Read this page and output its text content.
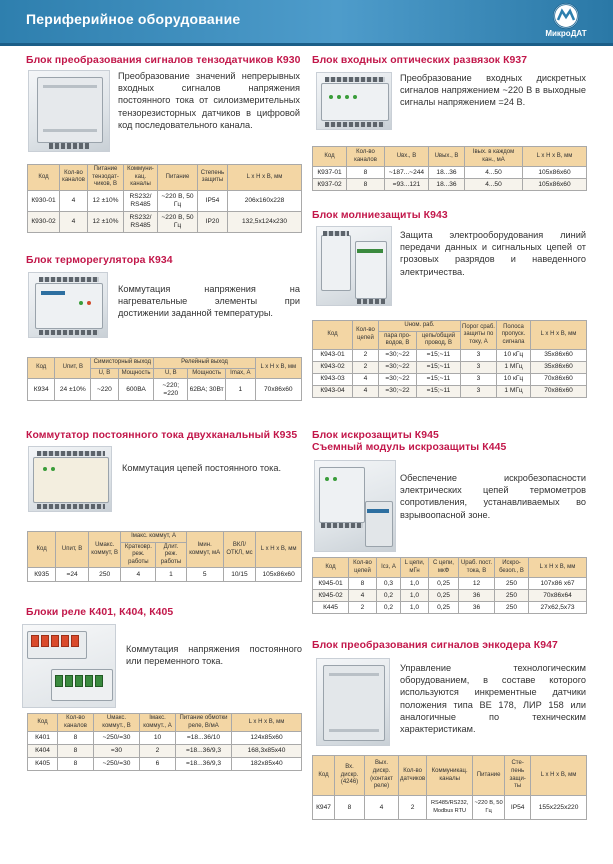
Периферийное оборудование
МикроДАТ
Блок преобразования сигналов тензодатчиков К930
Преобразование значений непрерывных входных сигналов напряжения постоянного тока от силоизмерительных тензорезисторных датчиков в цифровой код последовательного канала.
Код	Кол-во каналов	Питание тензодат-чиков, В	Коммуни-кац. каналы	Питание	Степень защиты	L x H x B, мм
К930-01	4	12 ±10%	RS232/ RS485	~220 В, 50 Гц	IP54	206x160x228
К930-02	4	12 ±10%	RS232/ RS485	~220 В, 50 Гц	IP20	132,5x124x230
Блок терморегулятора К934
Коммутация напряжения на нагревательные элементы при достижении заданной температуры.
Код	Uпит, В	Симисторный выход		Релейный выход			L x H x B, мм
		U, В	Мощность	U, В	Мощность	Imax, А	
К934	24 ±10%	~220	600ВА	~220; =220	62ВА; 30Вт	1	70x86x60
Коммутатор постоянного тока двухканальный К935
Коммутация цепей постоянного тока.
Код	Uпит, В	Uмакс. коммут, В	Iмакс. коммут, А		Iмин. коммут, мА	ВКЛ/ ОТКЛ, мс	L x H x B, мм
			Кратковр. реж. работы	Длит. реж. работы			
К935	=24	250	4	1	5	10/15	105x86x60
Блоки реле К401, К404, К405
Коммутация напряжения постоянного или переменного тока.
Код	Кол-во каналов	Uмакс. коммут., В	Iмакс. коммут., А	Питание обмотки реле, В/мА	L x H x B, мм
К401	8	~250/=30	10	=18...36/10	124x85x60
К404	8	=30	2	=18...36/9,3	168,3x85x40
К405	8	~250/=30	6	=18...36/9,3	182x85x40
Блок входных оптических развязок К937
Преобразование входных дискретных сигналов напряжением ~220 В в выходные сигналы напряжением =24 В.
Код	Кол-во каналов	Uвх., В	Uвых., В	Iвых. в каждом кан., мА	L x H x B, мм
К937-01	8	~187...~244	18...36	4...50	105x86x60
К937-02	8	=93...121	18...36	4...50	105x86x60
Блок молниезащиты К943
Защита электрооборудования линий передачи данных и сигнальных цепей от грозовых разрядов и наведенного электричества.
Код	Кол-во цепей	Uном. раб.		Порог сраб. защиты по току, А	Полоса пропуск. сигнала	L x H x B, мм
		пара про-водов, В	цепь/общий провод, В			
К943-01	2	=30;~22	=15;~11	3	10 кГц	35x86x60
К943-02	2	=30;~22	=15;~11	3	1 МГц	35x86x60
К943-03	4	=30;~22	=15;~11	3	10 кГц	70x86x60
К943-04	4	=30;~22	=15;~11	3	1 МГц	70x86x60
Блок искрозащиты К945
Съемный модуль искрозащиты К445
Обеспечение искробезопасности электрических цепей термометров сопротивления, устанавливаемых во взрывоопасной зоне.
Код	Кол-во цепей	Iсз, А	L цепи, мГн	С цепи, мкФ	Uраб. пост. тока, В	Искро-безоп., В	L x H x B, мм
К945-01	8	0,3	1,0	0,25	12	250	107x86 x67
К945-02	4	0,2	1,0	0,25	36	250	70x86x64
К445	2	0,2	1,0	0,25	36	250	27x62,5x73
Блок преобразования сигналов энкодера К947
Управление технологическим оборудованием, в составе которого используются инкрементные датчики положения типа ВЕ 178, ЛИР 158 или аналогичные по техническим характеристикам.
Код	Вх. дискр. (4246)	Вых. дискр. (контакт реле)	Кол-во датчиков	Коммуникац. каналы	Питание	Сте-пень защи-ты	L x H x B, мм
К947	8	4	2	RS485/RS232, Modbus RTU	~220 В, 50 Гц	IP54	155x225x220
